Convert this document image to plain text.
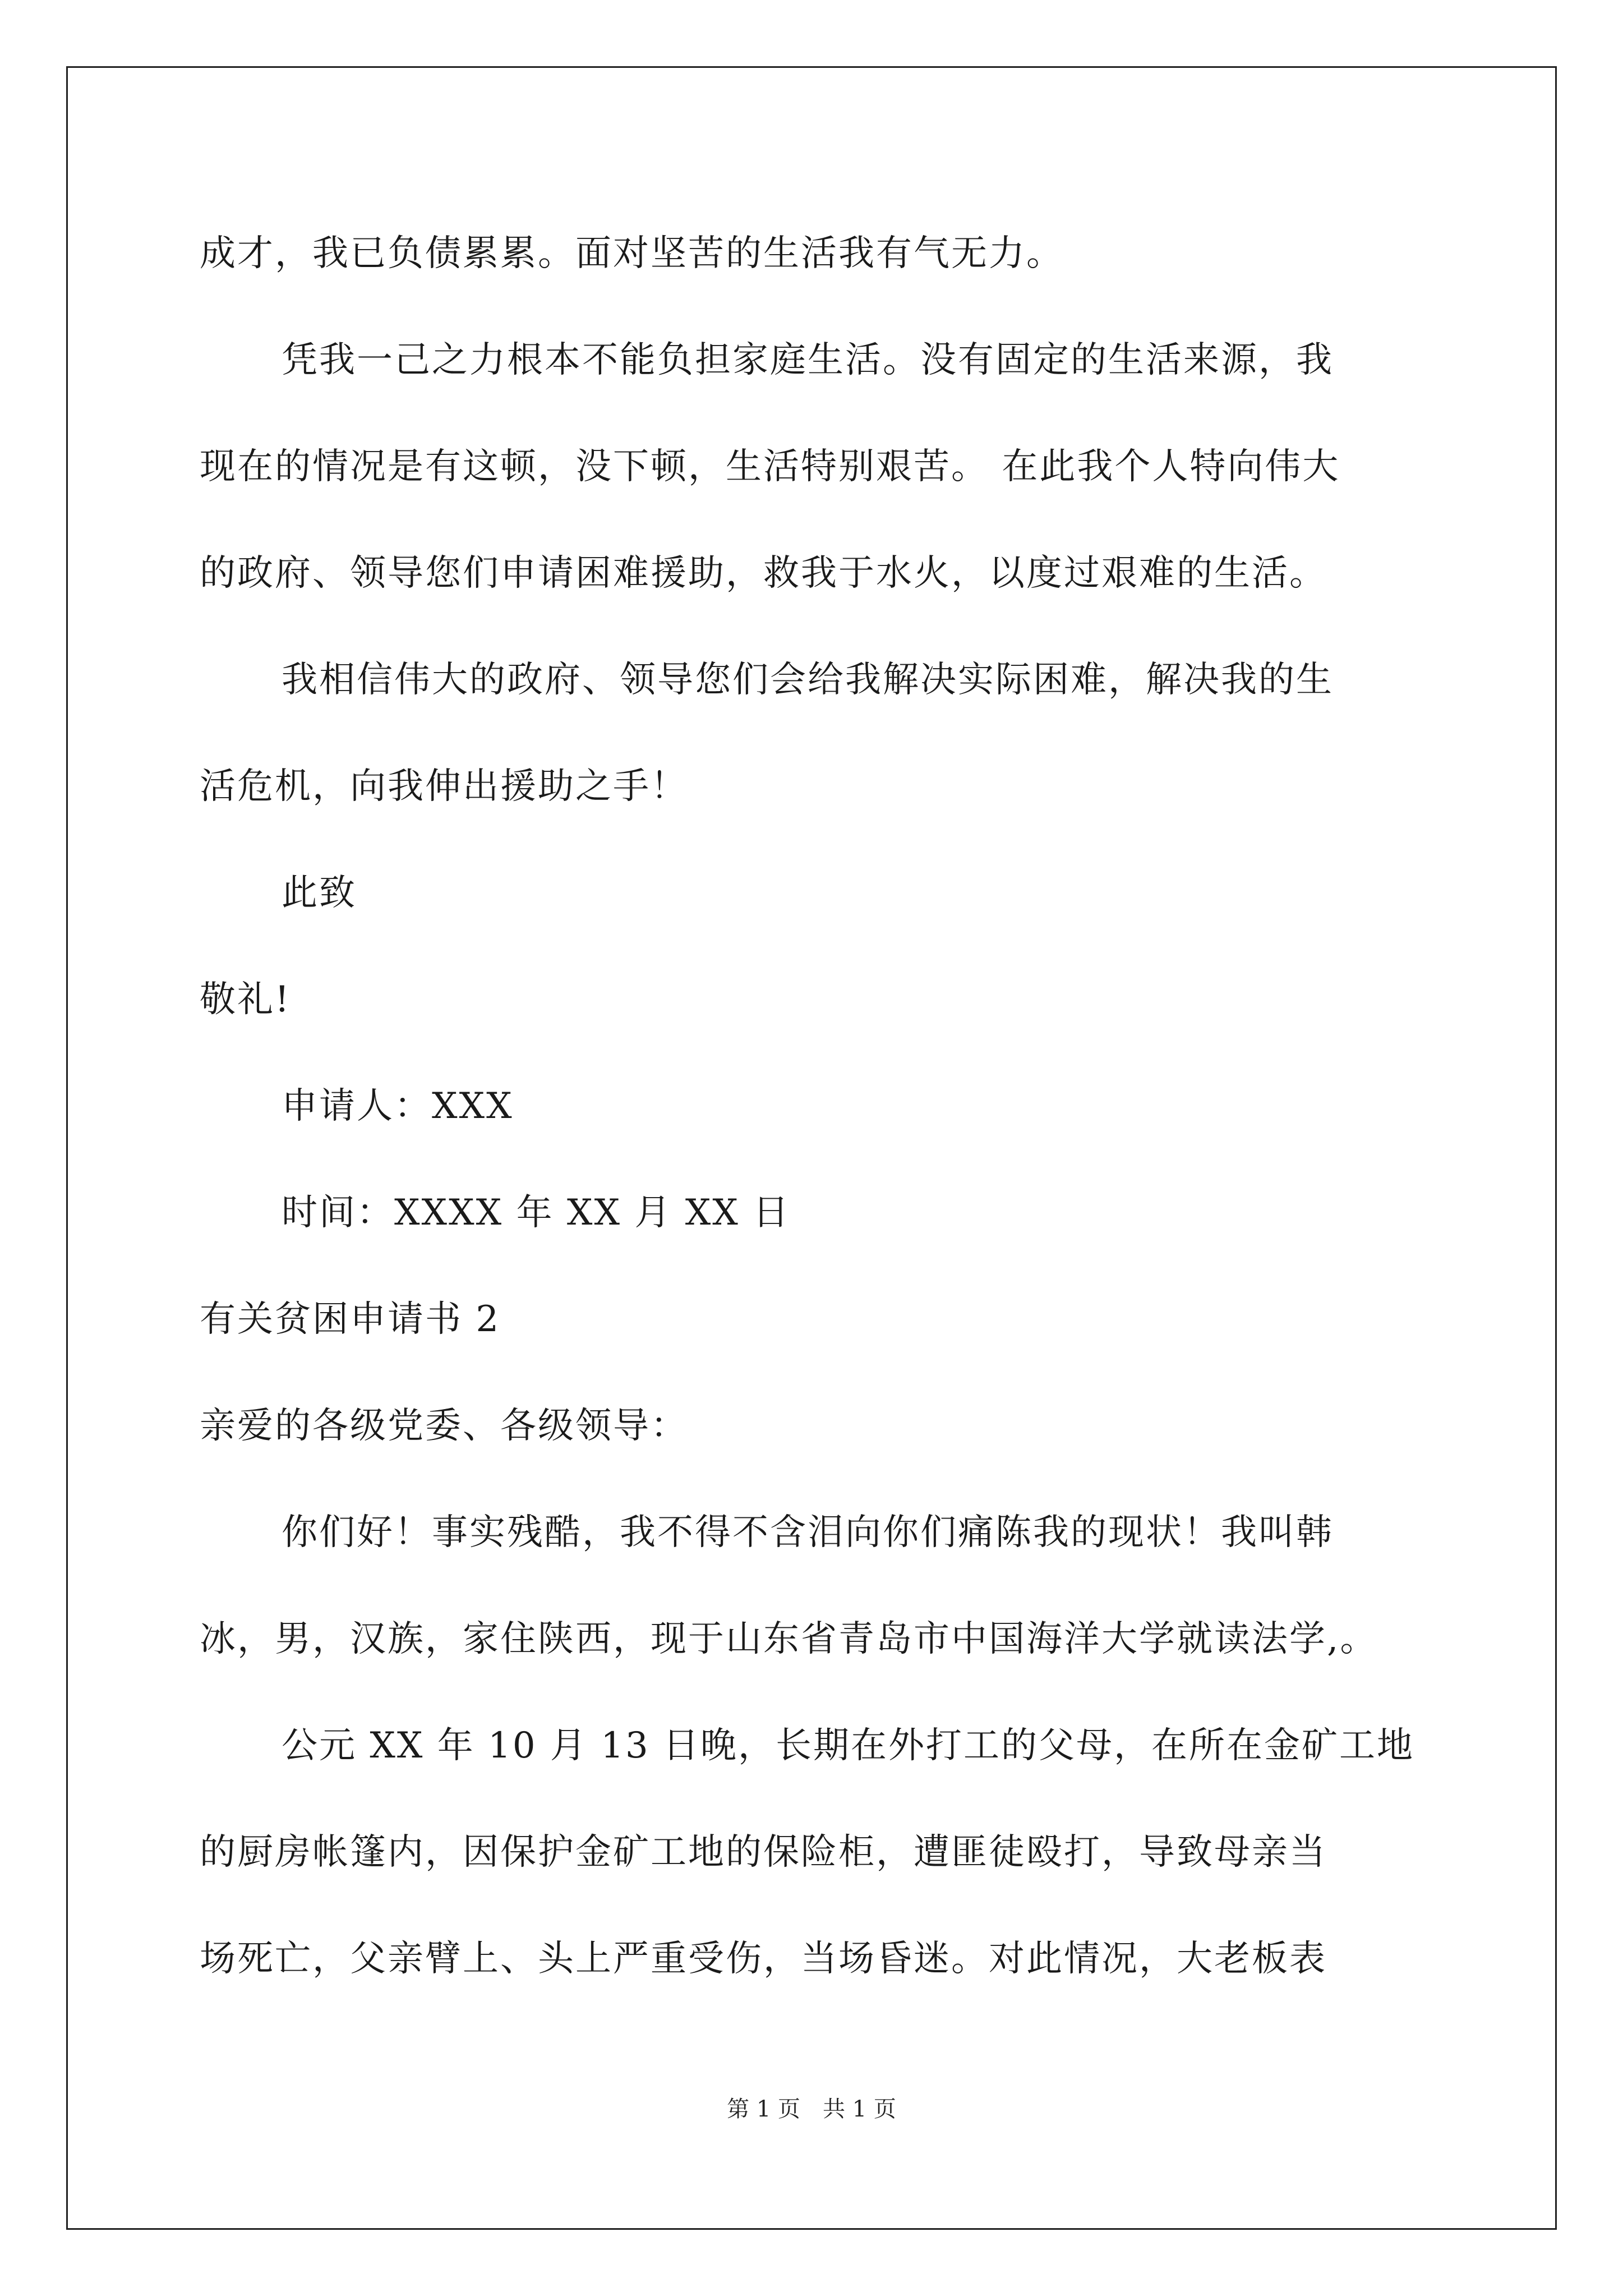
成才，我已负债累累。面对坚苦的生活我有气无力。
凭我一己之力根本不能负担家庭生活。没有固定的生活来源，我
现在的情况是有这顿，没下顿，生活特别艰苦。 在此我个人特向伟大
的政府、领导您们申请困难援助，救我于水火，以度过艰难的生活。
我相信伟大的政府、领导您们会给我解决实际困难，解决我的生
活危机，向我伸出援助之手！
此致
敬礼!
申请人：XXX
时间：XXXX 年 XX 月 XX 日
有关贫困申请书 2
亲爱的各级党委、各级领导：
你们好！事实残酷，我不得不含泪向你们痛陈我的现状！我叫韩
冰，男，汉族，家住陕西，现于山东省青岛市中国海洋大学就读法学,。
公元 XX 年 10 月 13 日晚，长期在外打工的父母，在所在金矿工地
的厨房帐篷内，因保护金矿工地的保险柜，遭匪徒殴打，导致母亲当
场死亡，父亲臂上、头上严重受伤，当场昏迷。对此情况，大老板表
第 1 页　共 1 页
